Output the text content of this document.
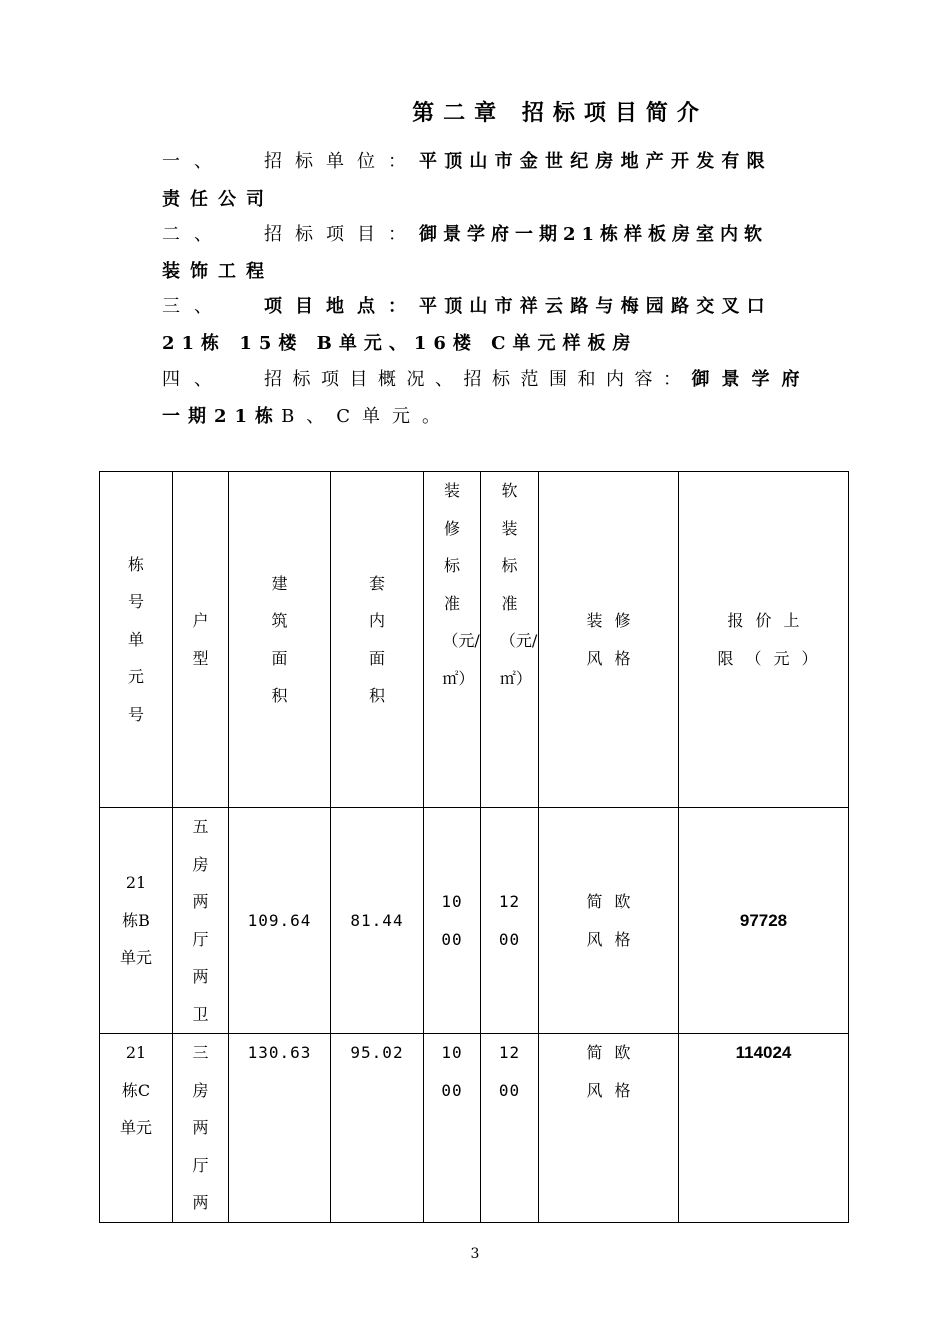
第二章 招标项目简介
一、 招标单位：平顶山市金世纪房地产开发有限
责任公司
二、 招标项目：御景学府一期21栋样板房室内软
装饰工程
三、 项目地点：平顶山市祥云路与梅园路交叉口
21栋 15楼 B单元、16楼 C单元样板房
四、 招标项目概况、招标范围和内容：御景学府
一期21栋B、C单元。
栋号单元号	户型	建筑面积	套内面积	装修标准（元/㎡）	软装标准（元/㎡）	装修风格	报价上限（元）

21栋B单元	五房两厅两卫	109.64	81.44	1000	1200	简欧风格	97728

21栋C单元	三房两厅两	130.63	95.02	1000	1200	简欧风格	114024
3
